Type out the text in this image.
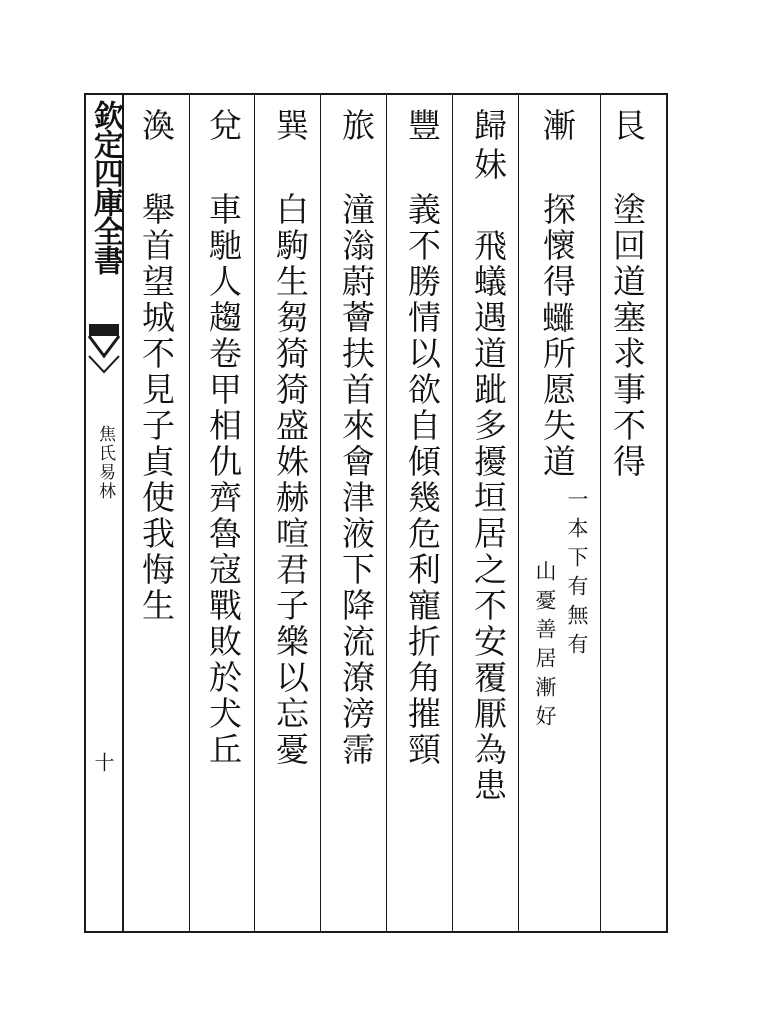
欽定四庫全書
焦氏易林
十
艮
塗回道塞求事不得
漸
探懷得𧕘所愿失道
一本下有無有
山憂善居漸好
歸妹
飛蟻遇道跐多擾垣居之不安覆厭為患
豐
義不勝情以欲自傾幾危利寵折角摧頸
旅
潼滃蔚薈扶首來會津液下降流潦滂霈
巽
白駒生芻猗猗盛姝赫喧君子樂以忘憂
兌
車馳人趨卷甲相仇齊魯寇戰敗於犬丘
渙
舉首望城不見子貞使我悔生
